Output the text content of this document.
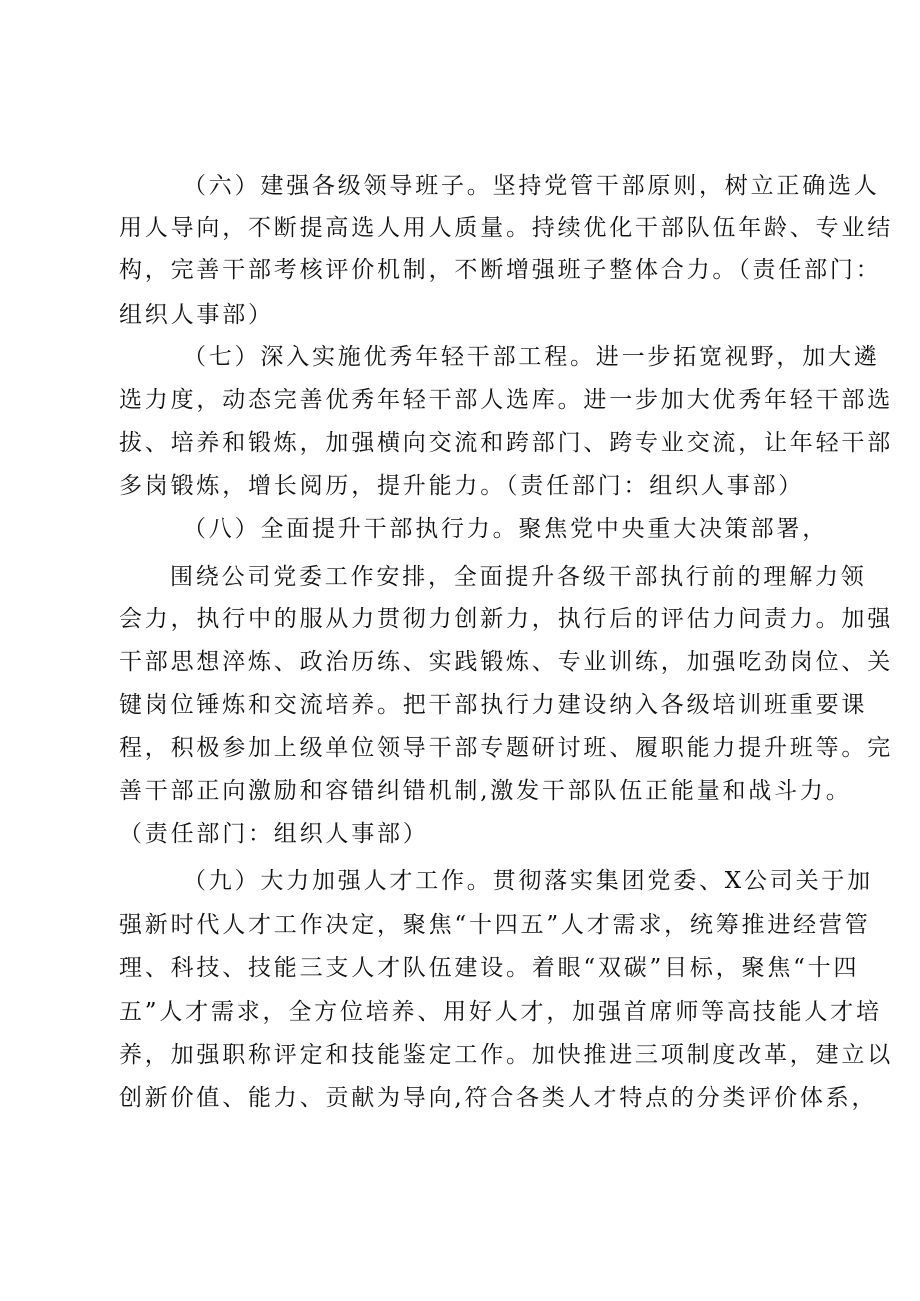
（六）建强各级领导班子。坚持党管干部原则，树立正确选人
用人导向，不断提高选人用人质量。持续优化干部队伍年龄、专业结
构，完善干部考核评价机制，不断增强班子整体合力。（责任部门：
组织人事部）
（七）深入实施优秀年轻干部工程。进一步拓宽视野，加大遴
选力度，动态完善优秀年轻干部人选库。进一步加大优秀年轻干部选
拔、培养和锻炼，加强横向交流和跨部门、跨专业交流，让年轻干部
多岗锻炼，增长阅历，提升能力。（责任部门：组织人事部）
（八）全面提升干部执行力。聚焦党中央重大决策部署，
围绕公司党委工作安排，全面提升各级干部执行前的理解力领
会力，执行中的服从力贯彻力创新力，执行后的评估力问责力。加强
干部思想淬炼、政治历练、实践锻炼、专业训练，加强吃劲岗位、关
键岗位锤炼和交流培养。把干部执行力建设纳入各级培训班重要课
程，积极参加上级单位领导干部专题研讨班、履职能力提升班等。完
善干部正向激励和容错纠错机制,激发干部队伍正能量和战斗力。
（责任部门：组织人事部）
（九）大力加强人才工作。贯彻落实集团党委、X公司关于加
强新时代人才工作决定，聚焦“十四五”人才需求，统筹推进经营管
理、科技、技能三支人才队伍建设。着眼“双碳”目标，聚焦“十四
五”人才需求，全方位培养、用好人才，加强首席师等高技能人才培
养，加强职称评定和技能鉴定工作。加快推进三项制度改革，建立以
创新价值、能力、贡献为导向,符合各类人才特点的分类评价体系，
